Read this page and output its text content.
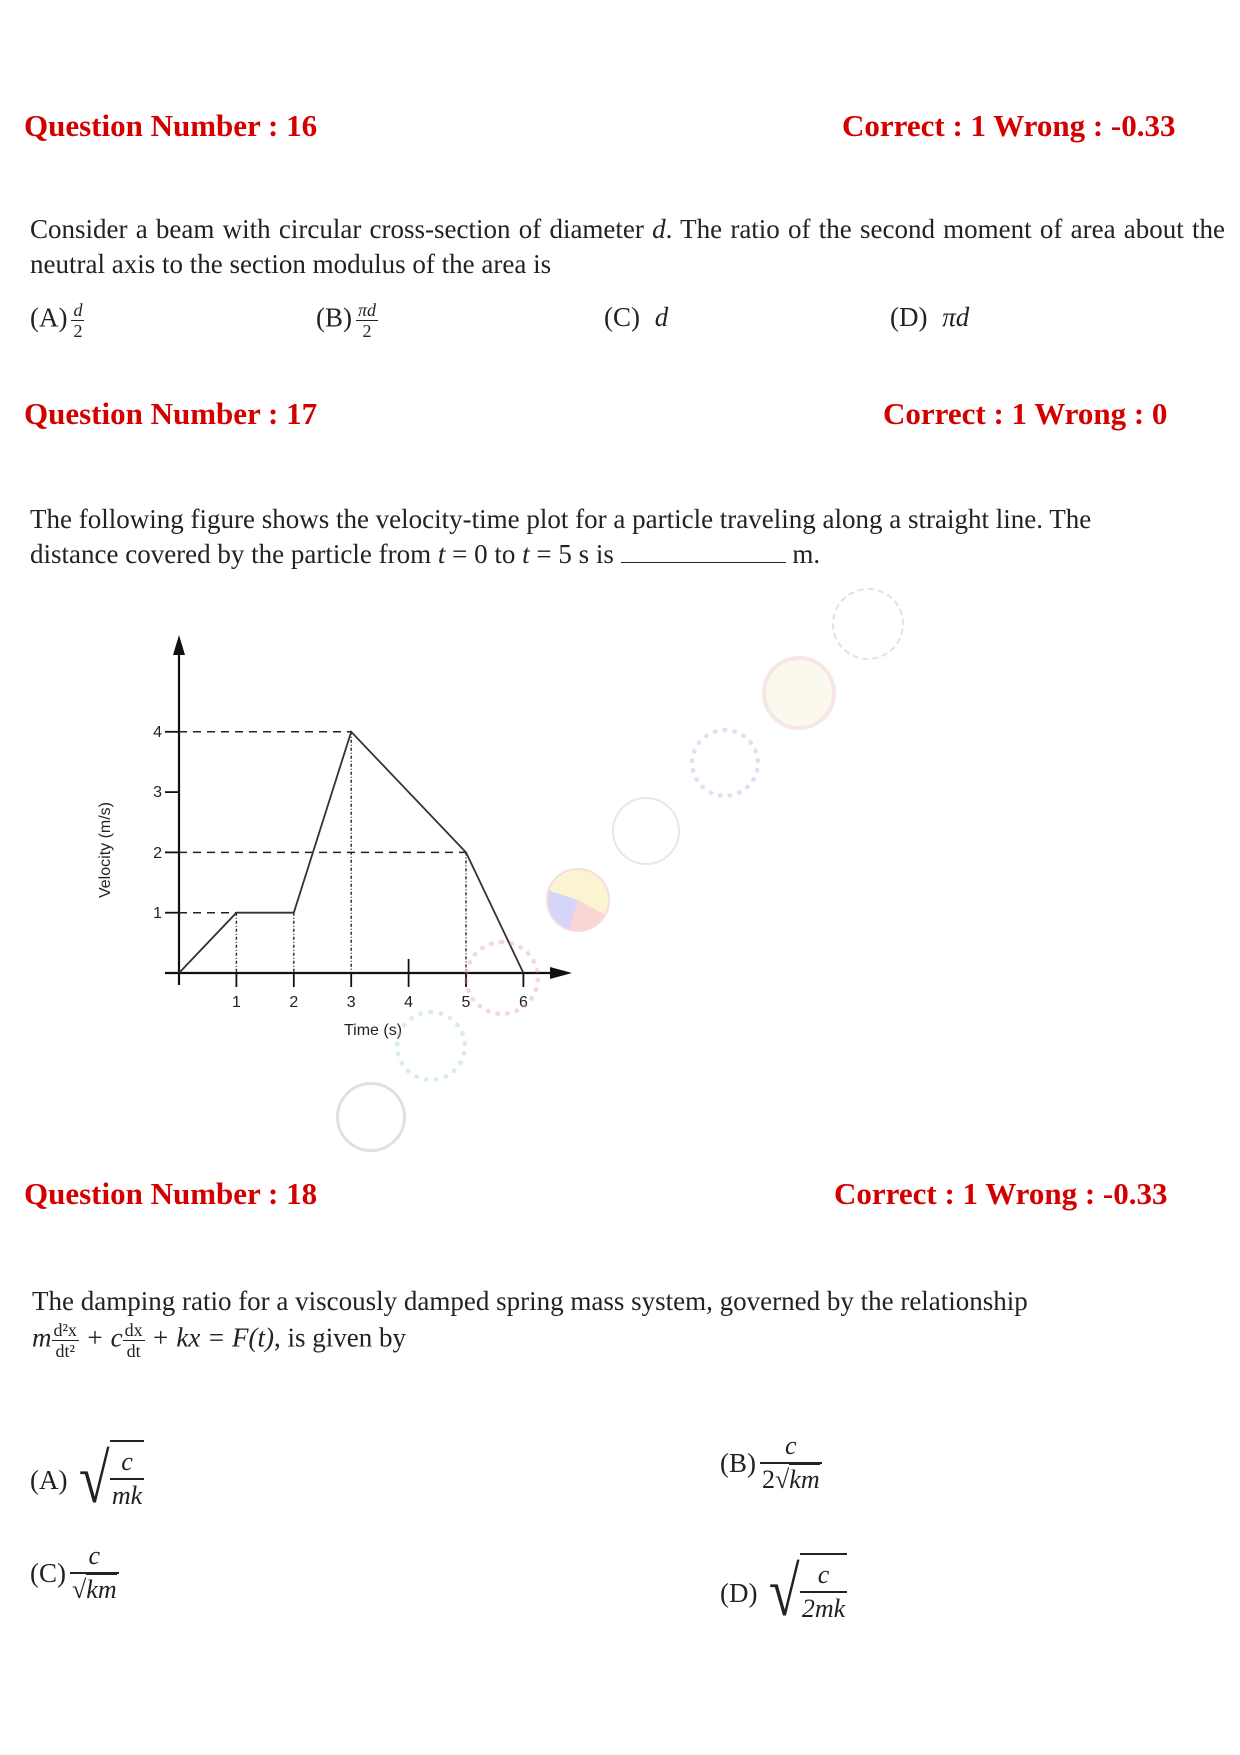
Question Number : 16	Correct : 1 Wrong : -0.33
Consider a beam with circular cross-section of diameter d. The ratio of the second moment of area about the neutral axis to the section modulus of the area is
$(A) \frac{d}{2}$	$(B) \frac{\pi d}{2}$	(C) d	(D) πd
Question Number : 17	Correct : 1 Wrong : 0
The following figure shows the velocity-time plot for a particle traveling along a straight line. The
distance covered by the particle from t = 0 to t = 5 s is	m.
1
2
3
4
1	2	3	4	5	6
Time (s)
Velocity (m/s)
Question Number : 18	Correct : 1 Wrong : -0.33
The damping ratio for a viscously damped spring mass system, governed by the relationship
m $\frac{\text{d²x}}{\text{dt²}} + c \frac{dx}{dt}$ + kx = F(t), is given by
(A) √ $\frac{c}{mk}$	$(B) \frac{c}{2√km}$
$(C) \frac{c}{√km}$	(D) √ $\frac{c}{2mk}$
